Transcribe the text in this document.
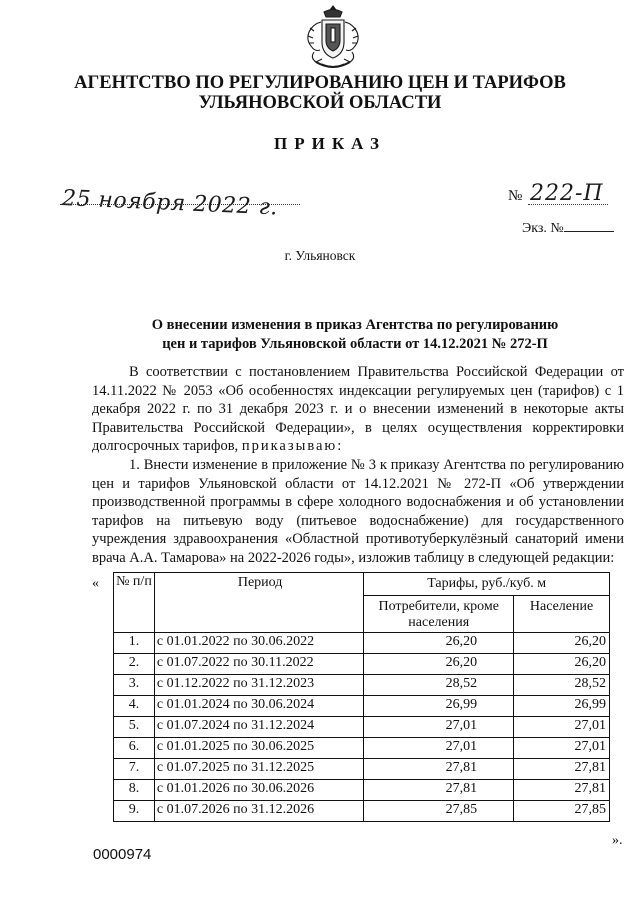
АГЕНТСТВО ПО РЕГУЛИРОВАНИЮ ЦЕН И ТАРИФОВ
УЛЬЯНОВСКОЙ ОБЛАСТИ
ПРИКАЗ
25 ноября 2022 г.	№ 222-П
Экз. №
г. Ульяновск
О внесении изменения в приказ Агентства по регулированию
цен и тарифов Ульяновской области от 14.12.2021 № 272-П
В соответствии с постановлением Правительства Российской Федерации от 14.11.2022 № 2053 «Об особенностях индексации регулируемых цен (тарифов) с 1 декабря 2022 г. по 31 декабря 2023 г. и о внесении изменений в некоторые акты Правительства Российской Федерации», в целях осуществления корректировки долгосрочных тарифов, приказываю:
1. Внести изменение в приложение № 3 к приказу Агентства по регулированию цен и тарифов Ульяновской области от 14.12.2021 № 272-П «Об утверждении производственной программы в сфере холодного водоснабжения и об установлении тарифов на питьевую воду (питьевое водоснабжение) для государственного учреждения здравоохранения «Областной противотуберкулёзный санаторий имени врача А.А. Тамарова» на 2022-2026 годы», изложив таблицу в следующей редакции:
« № п/п	Период	Тарифы, руб./куб. м	
		Потребители, кроме населения	Население
1.	с 01.01.2022 по 30.06.2022	26,20	26,20
2.	с 01.07.2022 по 30.11.2022	26,20	26,20
3.	с 01.12.2022 по 31.12.2023	28,52	28,52
4.	с 01.01.2024 по 30.06.2024	26,99	26,99
5.	с 01.07.2024 по 31.12.2024	27,01	27,01
6.	с 01.01.2025 по 30.06.2025	27,01	27,01
7.	с 01.07.2025 по 31.12.2025	27,81	27,81
8.	с 01.01.2026 по 30.06.2026	27,81	27,81
9.	с 01.07.2026 по 31.12.2026	27,85	27,85
».
0000974
